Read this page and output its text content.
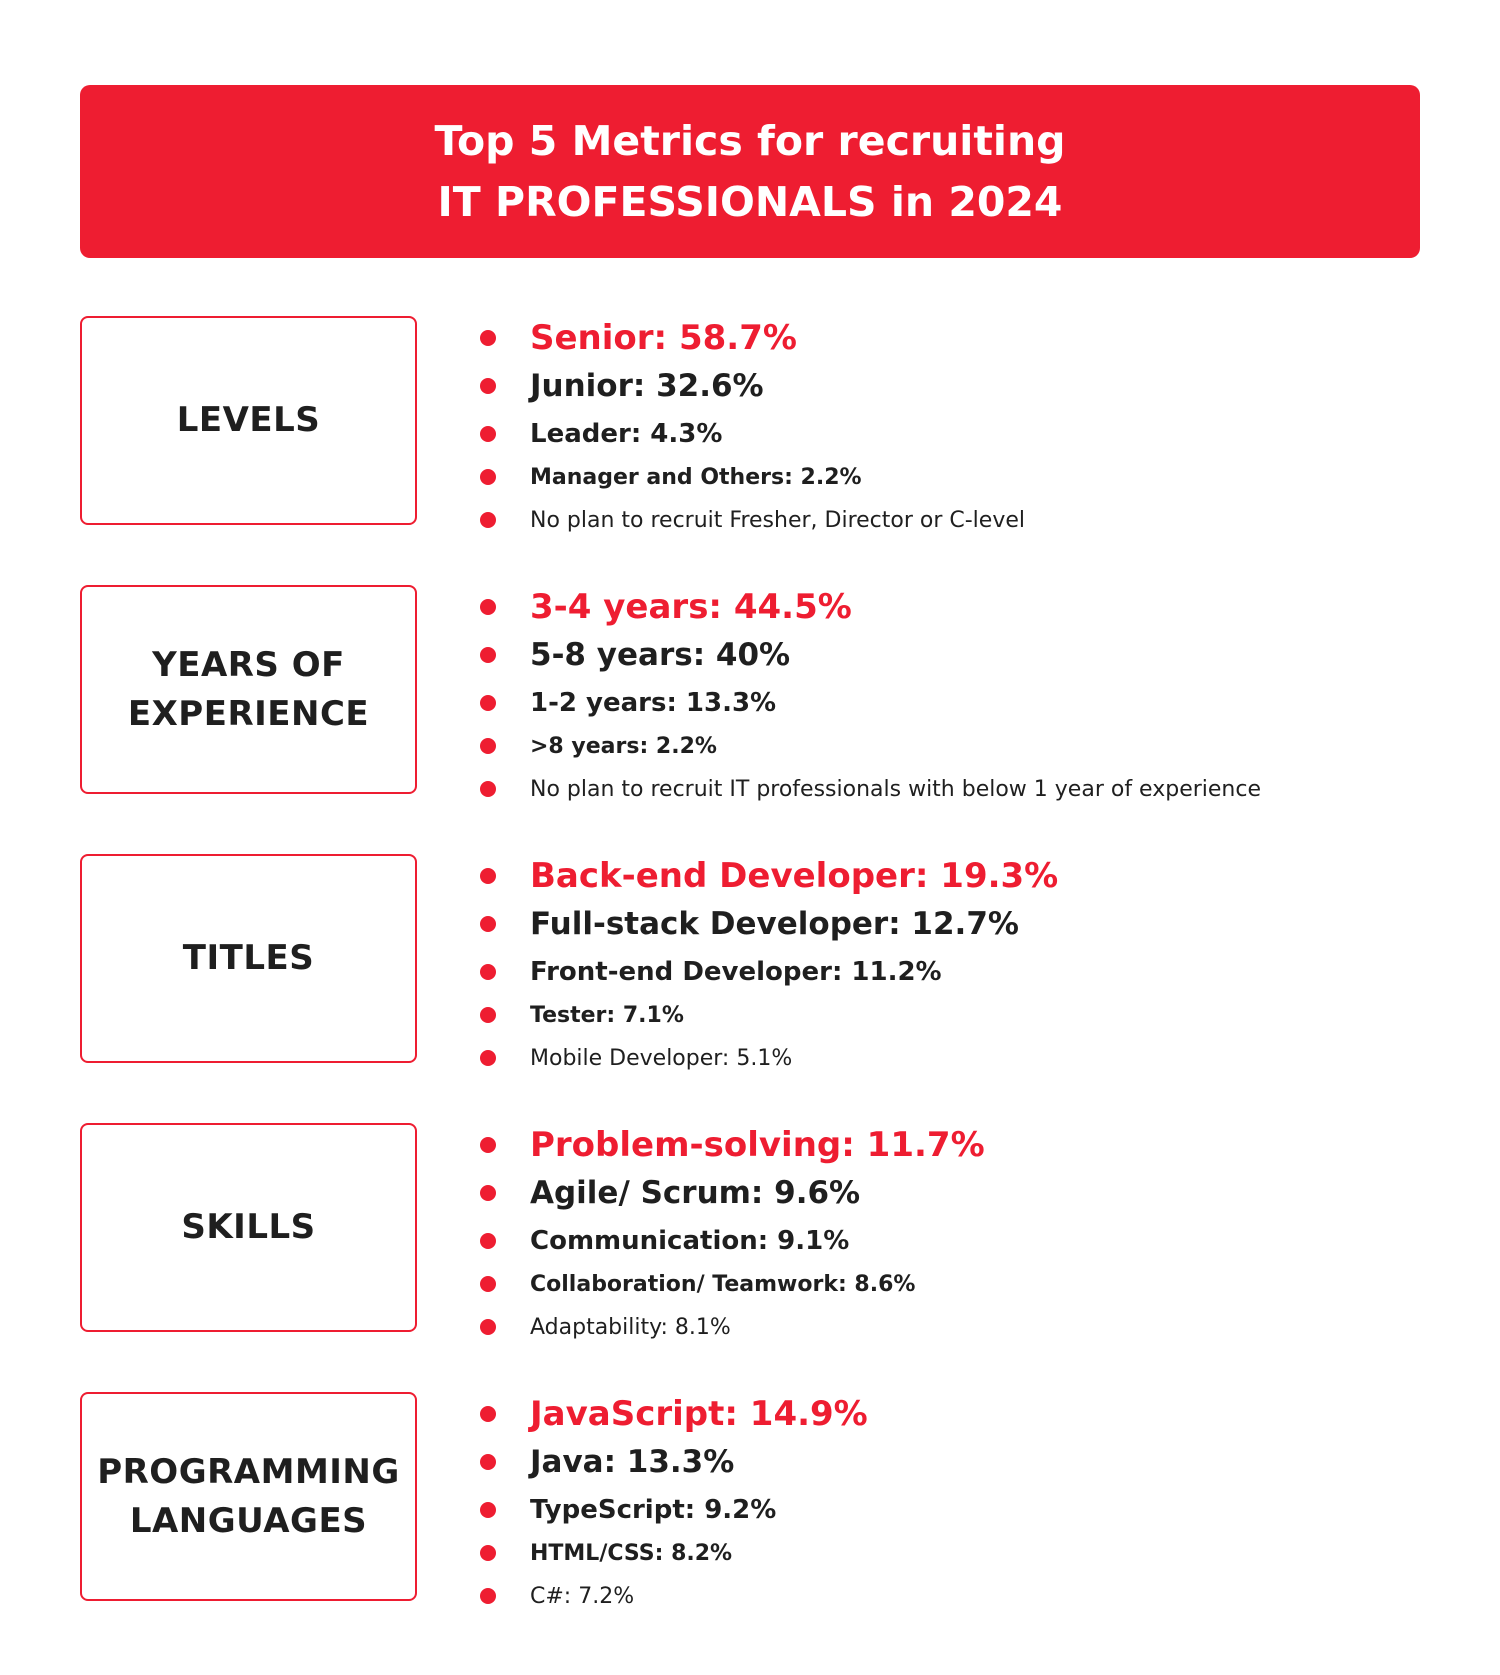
Top 5 Metrics for recruiting
IT PROFESSIONALS in 2024
LEVELS
Senior: 58.7%
Junior: 32.6%
Leader: 4.3%
Manager and Others: 2.2%
No plan to recruit Fresher, Director or C-level
YEARS OF
EXPERIENCE
3-4 years: 44.5%
5-8 years: 40%
1-2 years: 13.3%
>8 years: 2.2%
No plan to recruit IT professionals with below 1 year of experience
TITLES
Back-end Developer: 19.3%
Full-stack Developer: 12.7%
Front-end Developer: 11.2%
Tester: 7.1%
Mobile Developer: 5.1%
SKILLS
Problem-solving: 11.7%
Agile/ Scrum: 9.6%
Communication: 9.1%
Collaboration/ Teamwork: 8.6%
Adaptability: 8.1%
PROGRAMMING
LANGUAGES
JavaScript: 14.9%
Java: 13.3%
TypeScript: 9.2%
HTML/CSS: 8.2%
C#: 7.2%
